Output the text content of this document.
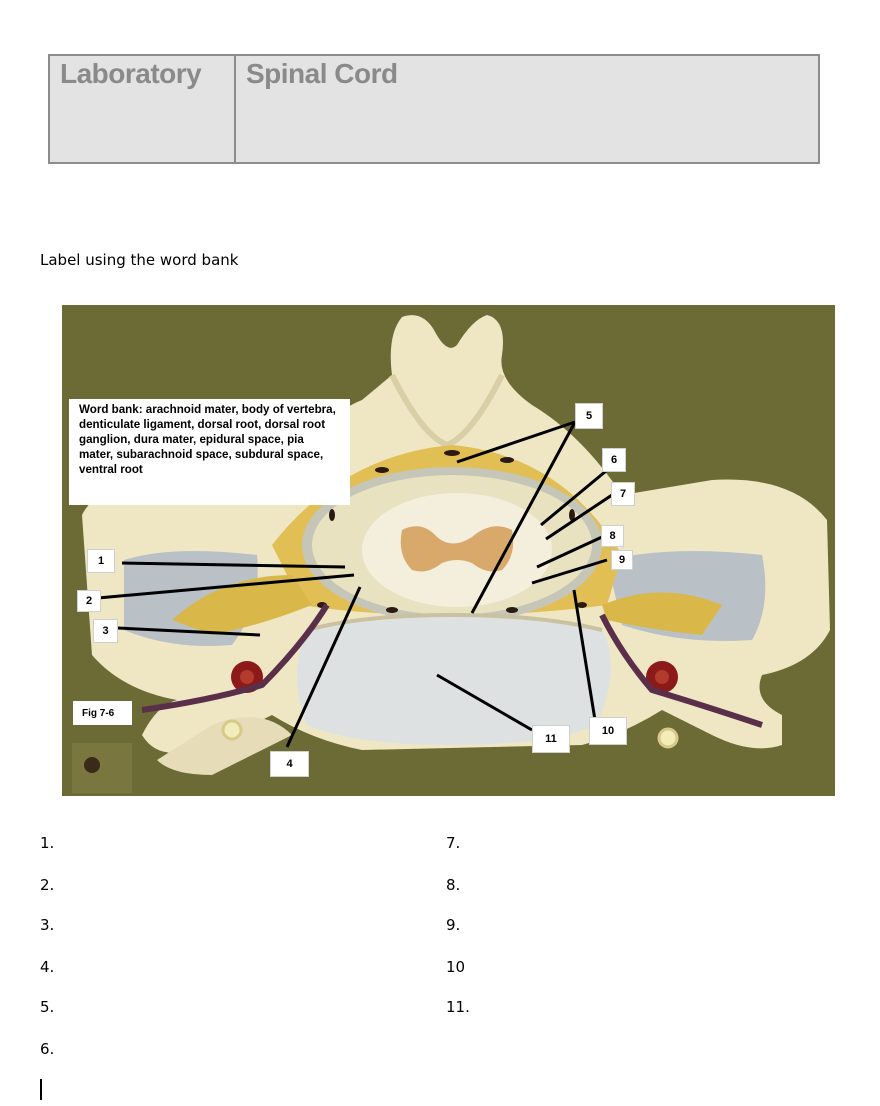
Laboratory	Spinal Cord
Label using the word bank
Word bank: arachnoid mater, body of vertebra, denticulate ligament, dorsal root, dorsal root ganglion, dura mater, epidural space, pia mater, subarachnoid space, subdural space, ventral root
1
2
3
4
5
6
7
8
9
10
11
Fig 7-6
1.
2.
3.
4.
5.
6.
7.
8.
9.
10
11.
